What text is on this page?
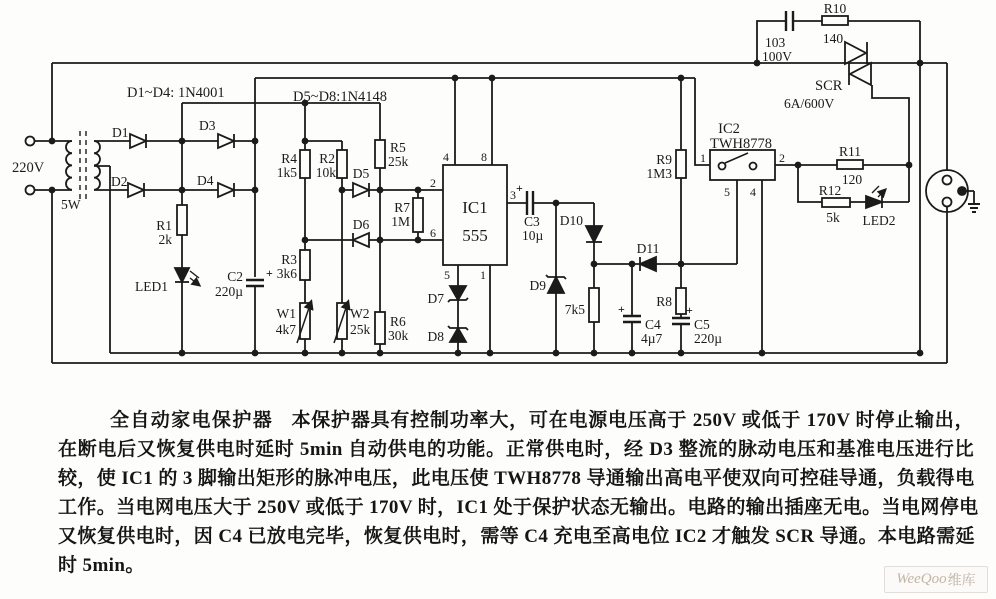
D1~D4: 1N4001	D5~D8:1N4148
220V
5W
D1
D2
D3
D4
R1
2k
LED1
C2
220µ
+
R4
1k5
R2
10k
R3
3k6
W1
4k7
W2
25k
R5
25k
R6
30k
R7
1M
D5
D6
D7
D8
IC1
555
4	8
2
6
3
5	1
C3
10µ
+
D9
D10
7k5
D11
R9
1M3
R8
C4
4µ7
+
C5
220µ
+
IC2
TWH8778
1	2
5 4
103
100V
R10
140
SCR
6A/600V
R11
120
R12
5k LED2
全自动家电保护器 本保护器具有控制功率大，可在电源电压高于 250V 或低于 170V 时停止输出，
在断电后又恢复供电时延时 5min 自动供电的功能。正常供电时，经 D3 整流的脉动电压和基准电压进行比
较，使 IC1 的 3 脚输出矩形的脉冲电压，此电压使 TWH8778 导通输出高电平使双向可控硅导通，负载得电
工作。当电网电压大于 250V 或低于 170V 时，IC1 处于保护状态无输出。电路的输出插座无电。当电网停电
又恢复供电时，因 C4 已放电完毕，恢复供电时，需等 C4 充电至高电位 IC2 才触发 SCR 导通。本电路需延
时 5min。
WeeQoo 维库
